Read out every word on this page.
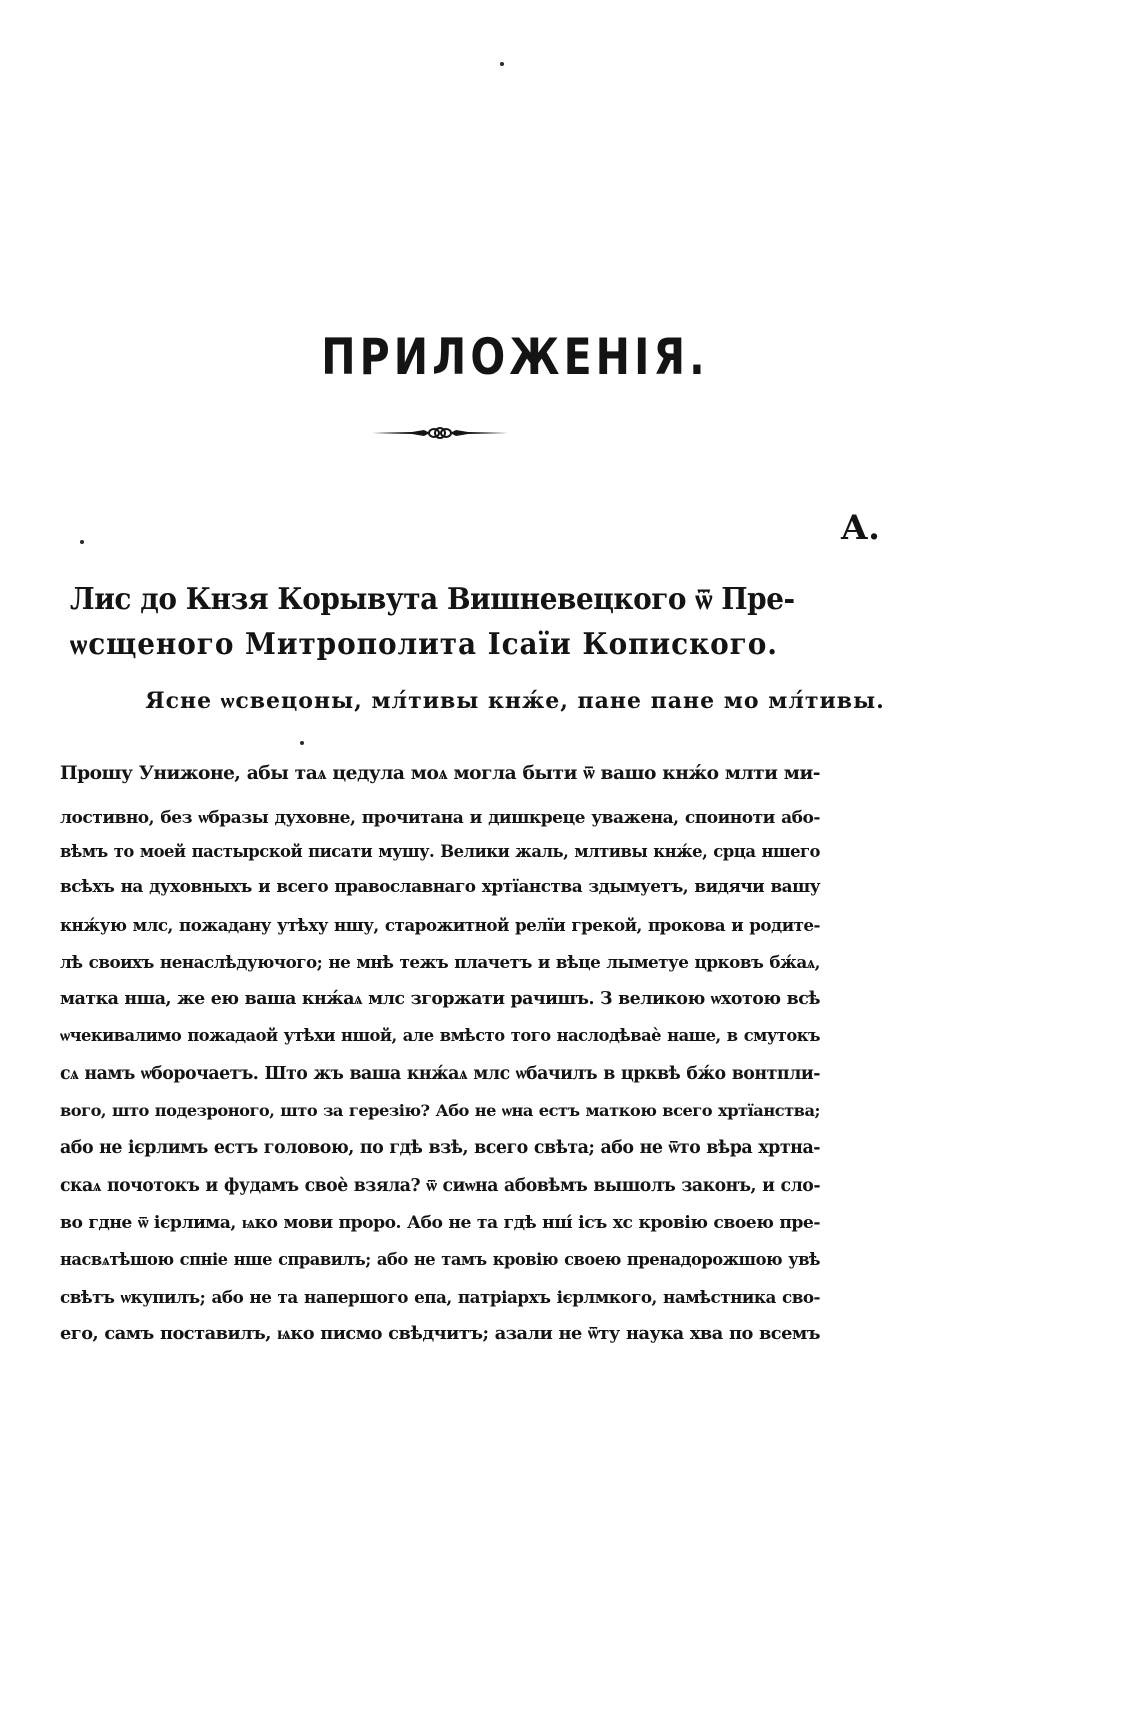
ПРИЛОЖЕНІЯ.
А.
Лис до Кнзя Корывута Вишневецкого ѿ Пре-
ѡсщеного Митрополита Ісаїи Копиского.
Ясне ѡсвецоны, мл́тивы кнж́е, пане пане мо мл́тивы.
Прошу Унижоне, абы таѧ цедула моѧ могла быти ѿ вашо кнж́о млти ми-
лостивно, без ѡбразы духовне, прочитана и дишкреце уважена, споиноти або-
вѣмъ то моей пастырской писати мушу. Велики жаль, млтивы кнж́е, срца ншего
всѣхъ на духовныхъ и всего православнаго хртїанства здымуетъ, видячи вашу
кнж́ую млс, пожадану утѣху ншу, старожитной релїи грекой, прокова и родите-
лѣ своихъ ненаслѣдуючого; не мнѣ тежъ плачетъ и вѣце лыметуе црковъ бж́аѧ,
матка нша, же ею ваша кнж́аѧ млс згоржати рачишъ. З великою ѡхотою всѣ
ѡчекивалимо пожадаой утѣхи ншой, але вмѣсто того наслодѣваѐ наше, в смутокъ
сѧ намъ ѡборочаетъ. Што жъ ваша кнж́аѧ млс ѡбачилъ в црквѣ бж́о вонтпли-
вого, што подезроного, што за герезію? Або не ѡна естъ маткою всего хртїанства;
або не ієрлимъ естъ головою, по гдѣ взѣ, всего свѣта; або не ѿто вѣра хртна-
скаѧ почотокъ и фудамъ своѐ взяла? ѿ сиѡна абовѣмъ вышолъ законъ, и сло-
во гдне ѿ ієрлима, ѩко мови проро. Або не та гдѣ нш́ ісъ хс кровію своею пре-
насвѧтѣшою спніе нше справилъ; або не тамъ кровію своею пренадорожшою увѣ
свѣтъ ѡкупилъ; або не та напершого епа, патріархъ ієрлмкого, намѣстника сво-
его, самъ поставилъ, ѩко писмо свѣдчитъ; азали не ѿту наука хва по всемъ
